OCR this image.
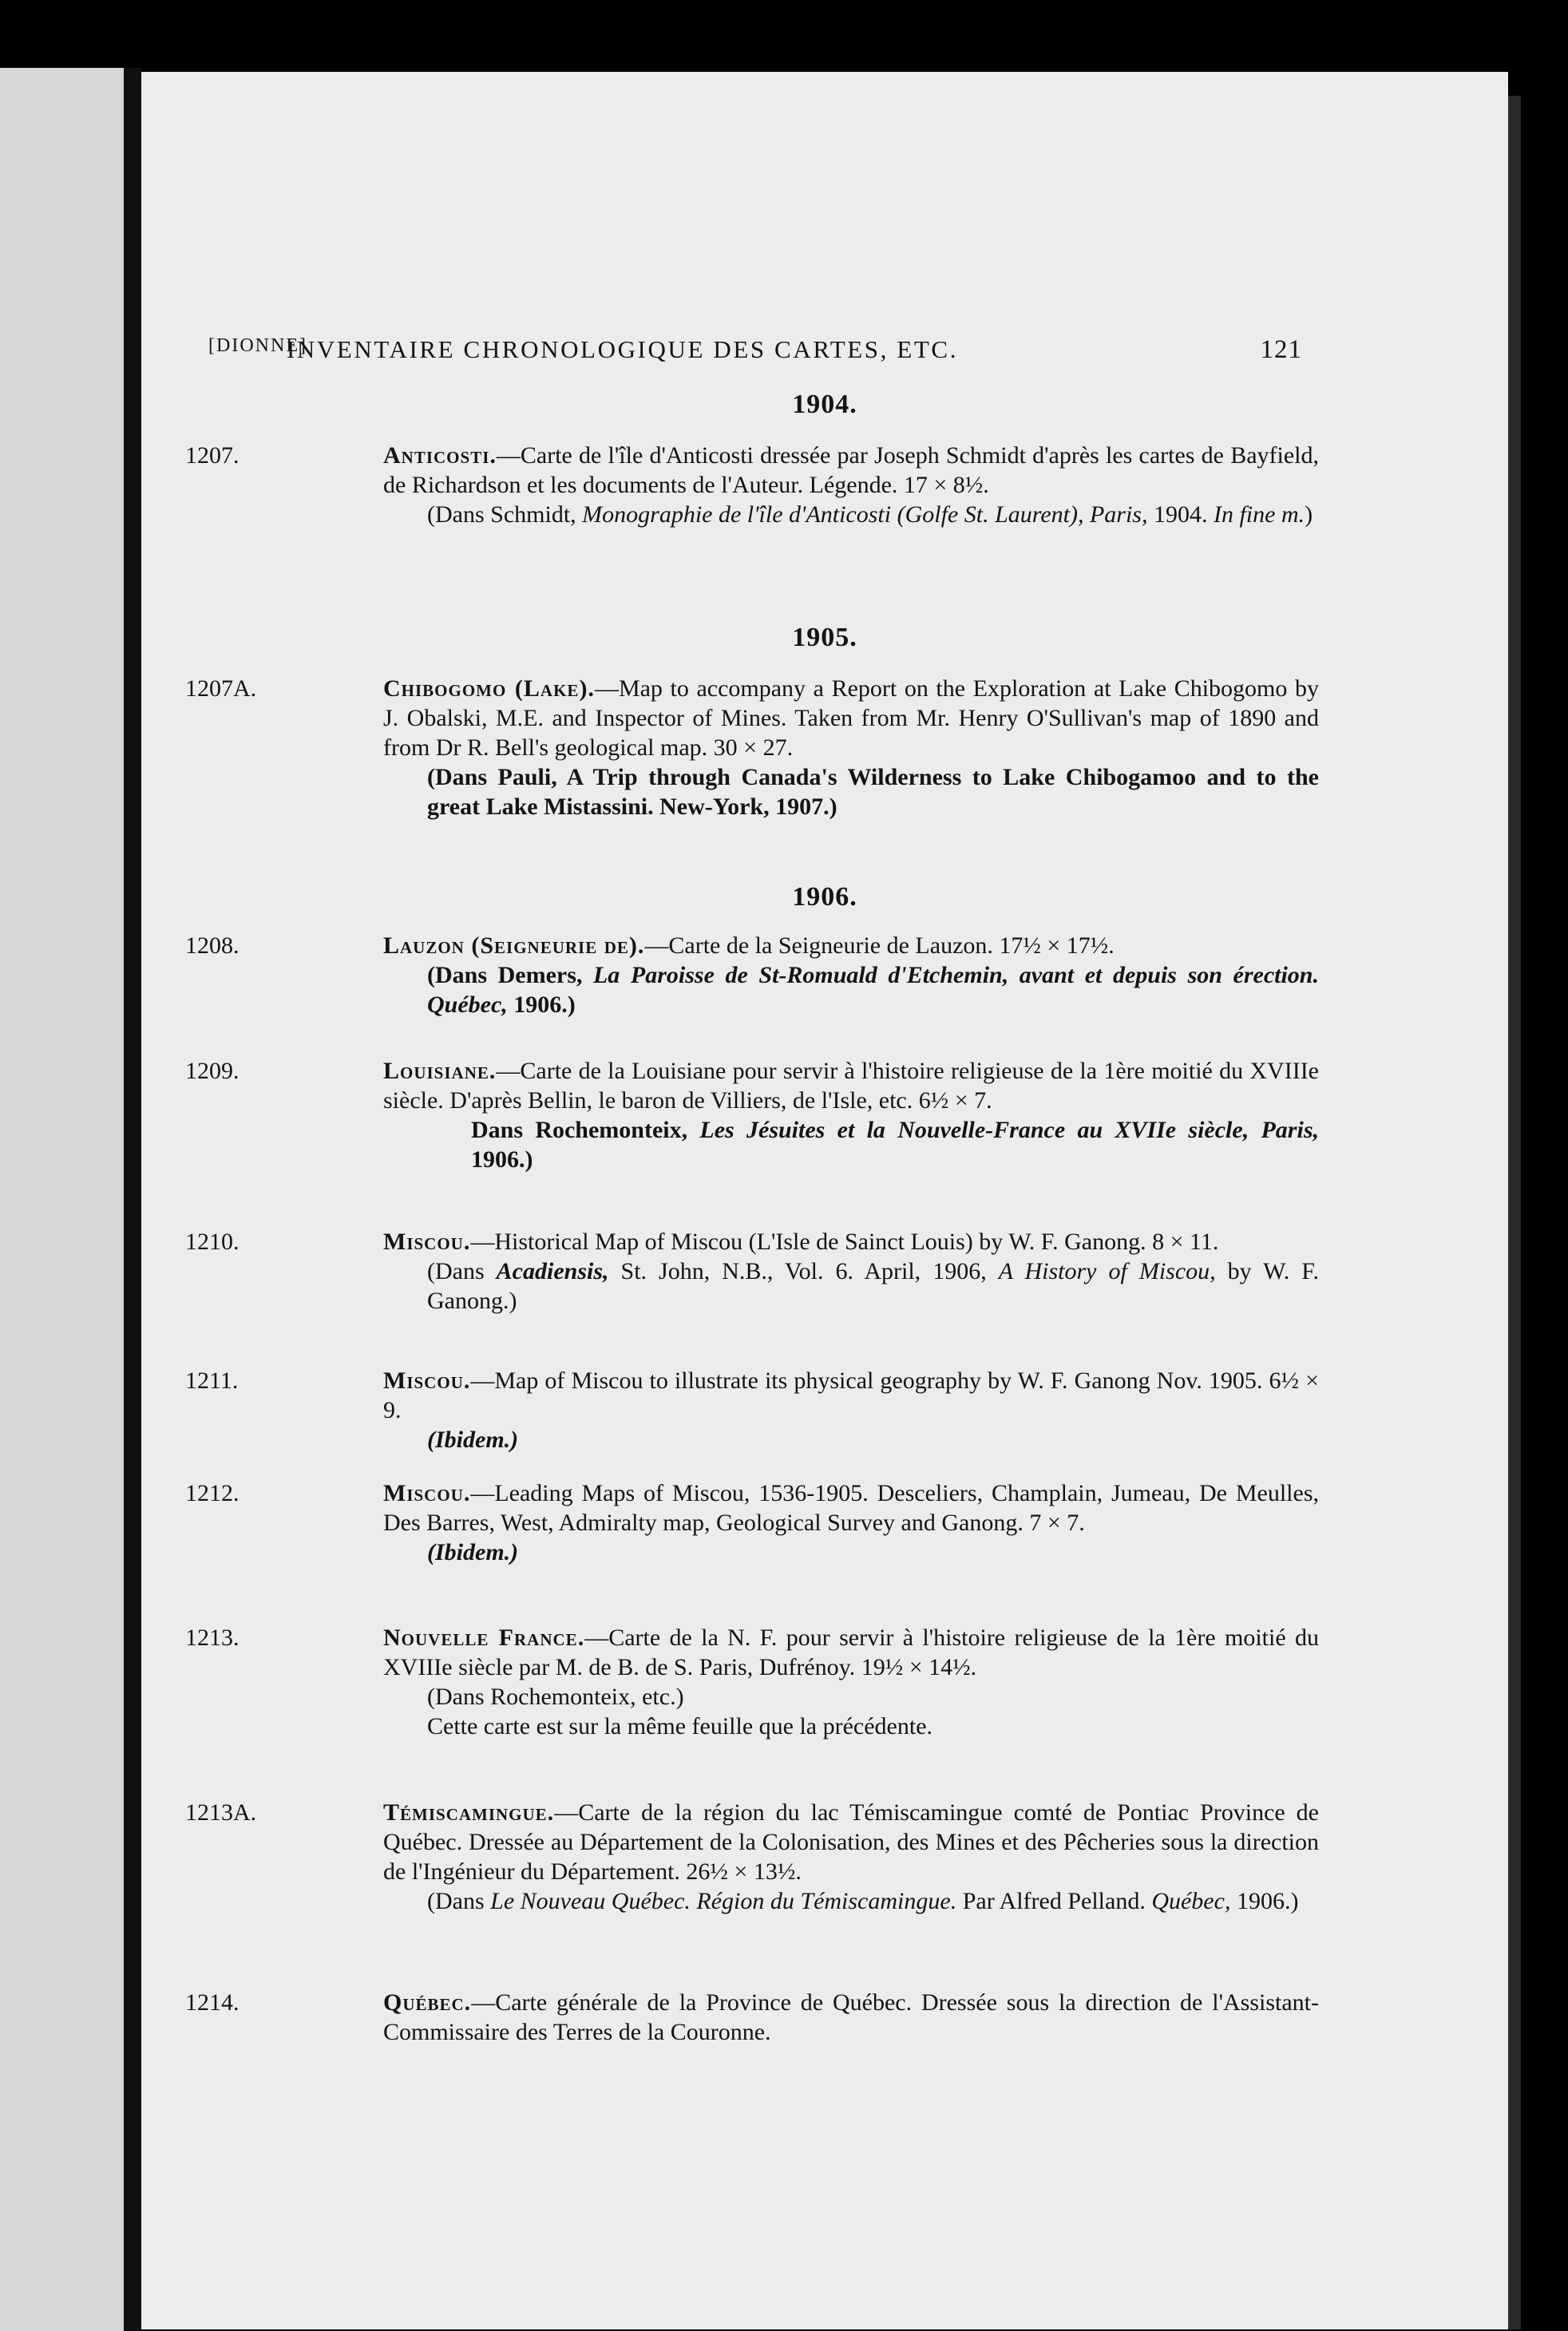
[DIONNE]
INVENTAIRE CHRONOLOGIQUE DES CARTES, ETC.	121
1904.
1207.	Anticosti.—Carte de l'île d'Anticosti dressée par Joseph Schmidt d'après les cartes de Bayfield, de Richardson et les documents de l'Auteur. Légende. 17 × 8½.
(Dans Schmidt, Monographie de l'île d'Anticosti (Golfe St. Laurent), Paris, 1904. In fine m.)
1905.
1207A.	Chibogomo (Lake).—Map to accompany a Report on the Exploration at Lake Chibogomo by J. Obalski, M.E. and Inspector of Mines. Taken from Mr. Henry O'Sullivan's map of 1890 and from Dr R. Bell's geological map. 30 × 27.
(Dans Pauli, A Trip through Canada's Wilderness to Lake Chibogamoo and to the great Lake Mistassini. New-York, 1907.)
1906.
1208.	Lauzon (Seigneurie de).—Carte de la Seigneurie de Lauzon. 17½ × 17½.
(Dans Demers, La Paroisse de St-Romuald d'Etchemin, avant et depuis son érection. Québec, 1906.)
1209.	Louisiane.—Carte de la Louisiane pour servir à l'histoire religieuse de la 1ère moitié du XVIIIe siècle. D'après Bellin, le baron de Villiers, de l'Isle, etc. 6½ × 7.
Dans Rochemonteix, Les Jésuites et la Nouvelle-France au XVIIe siècle, Paris, 1906.)
1210.	Miscou.—Historical Map of Miscou (L'Isle de Sainct Louis) by W. F. Ganong. 8 × 11.
(Dans Acadiensis, St. John, N.B., Vol. 6. April, 1906, A History of Miscou, by W. F. Ganong.)
1211.	Miscou.—Map of Miscou to illustrate its physical geography by W. F. Ganong Nov. 1905. 6½ × 9.
(Ibidem.)
1212.	Miscou.—Leading Maps of Miscou, 1536-1905. Desceliers, Champlain, Jumeau, De Meulles, Des Barres, West, Admiralty map, Geological Survey and Ganong. 7 × 7.
(Ibidem.)
1213.	Nouvelle France.—Carte de la N. F. pour servir à l'histoire religieuse de la 1ère moitié du XVIIIe siècle par M. de B. de S. Paris, Dufrénoy. 19½ × 14½.
(Dans Rochemonteix, etc.)
Cette carte est sur la même feuille que la précédente.
1213A.	Témiscamingue.—Carte de la région du lac Témiscamingue comté de Pontiac Province de Québec. Dressée au Département de la Colonisation, des Mines et des Pêcheries sous la direction de l'Ingénieur du Département. 26½ × 13½.
(Dans Le Nouveau Québec. Région du Témiscamingue. Par Alfred Pelland. Québec, 1906.)
1214.	Québec.—Carte générale de la Province de Québec. Dressée sous la direction de l'Assistant-Commissaire des Terres de la Couronne.
